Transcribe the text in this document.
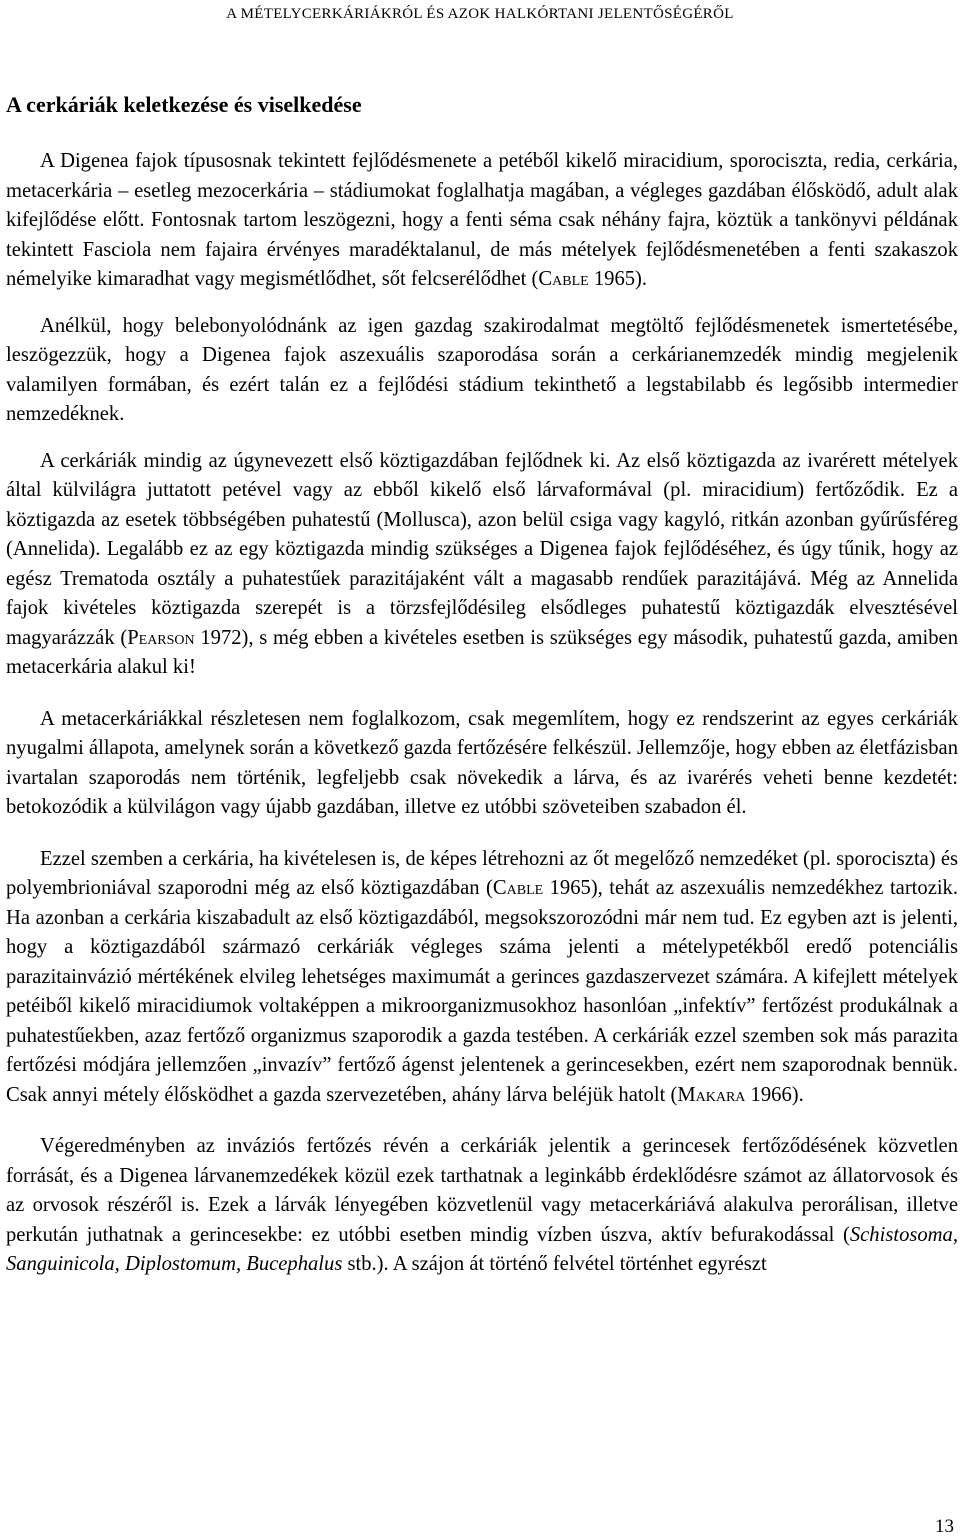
A MÉTELYCERKÁRIÁKRÓL ÉS AZOK HALKÓRTANI JELENTŐSÉGÉRŐL
A cerkáriák keletkezése és viselkedése

A Digenea fajok típusosnak tekintett fejlődésmenete a petéből kikelő miracidium, sporociszta, redia, cerkária, metacerkária – esetleg mezocerkária – stádiumokat foglalhatja magában, a végleges gazdában élősködő, adult alak kifejlődése előtt. Fontosnak tartom leszögezni, hogy a fenti séma csak néhány fajra, köztük a tankönyvi példának tekintett Fasciola nem fajaira érvényes maradéktalanul, de más mételyek fejlődésmenetében a fenti szakaszok némelyike kimaradhat vagy megismétlődhet, sőt felcserélődhet (Cable 1965).

Anélkül, hogy belebonyolódnánk az igen gazdag szakirodalmat megtöltő fejlődésmenetek ismertetésébe, leszögezzük, hogy a Digenea fajok aszexuális szaporodása során a cerkárianemzedék mindig megjelenik valamilyen formában, és ezért talán ez a fejlődési stádium tekinthető a legstabilabb és legősibb intermedier nemzedéknek.

A cerkáriák mindig az úgynevezett első köztigazdában fejlődnek ki. Az első köztigazda az ivarérett mételyek által külvilágra juttatott petével vagy az ebből kikelő első lárvaformával (pl. miracidium) fertőződik. Ez a köztigazda az esetek többségében puhatestű (Mollusca), azon belül csiga vagy kagyló, ritkán azonban gyűrűsféreg (Annelida). Legalább ez az egy köztigazda mindig szükséges a Digenea fajok fejlődéséhez, és úgy tűnik, hogy az egész Trematoda osztály a puhatestűek parazitájaként vált a magasabb rendűek parazitájává. Még az Annelida fajok kivételes köztigazda szerepét is a törzsfejlődésileg elsődleges puhatestű köztigazdák elvesztésével magyarázzák (Pearson 1972), s még ebben a kivételes esetben is szükséges egy második, puhatestű gazda, amiben metacerkária alakul ki!

A metacerkáriákkal részletesen nem foglalkozom, csak megemlítem, hogy ez rendszerint az egyes cerkáriák nyugalmi állapota, amelynek során a következő gazda fertőzésére felkészül. Jellemzője, hogy ebben az életfázisban ivartalan szaporodás nem történik, legfeljebb csak növekedik a lárva, és az ivarérés veheti benne kezdetét: betokozódik a külvilágon vagy újabb gazdában, illetve ez utóbbi szöveteiben szabadon él.

Ezzel szemben a cerkária, ha kivételesen is, de képes létrehozni az őt megelőző nemzedéket (pl. sporociszta) és polyembrioniával szaporodni még az első köztigazdában (Cable 1965), tehát az aszexuális nemzedékhez tartozik. Ha azonban a cerkária kiszabadult az első köztigazdából, megsokszorozódni már nem tud. Ez egyben azt is jelenti, hogy a köztigazdából származó cerkáriák végleges száma jelenti a mételypetékből eredő potenciális parazitainvázió mértékének elvileg lehetséges maximumát a gerinces gazdaszervezet számára. A kifejlett mételyek petéiből kikelő miracidiumok voltaképpen a mikroorganizmusokhoz hasonlóan „infektív” fertőzést produkálnak a puhatestűekben, azaz fertőző organizmus szaporodik a gazda testében. A cerkáriák ezzel szemben sok más parazita fertőzési módjára jellemzően „invazív” fertőző ágenst jelentenek a gerincesekben, ezért nem szaporodnak bennük. Csak annyi métely élősködhet a gazda szervezetében, ahány lárva beléjük hatolt (Makara 1966).

Végeredményben az inváziós fertőzés révén a cerkáriák jelentik a gerincesek fertőződésének közvetlen forrását, és a Digenea lárvanemzedékek közül ezek tarthatnak a leginkább érdeklődésre számot az állatorvosok és az orvosok részéről is. Ezek a lárvák lényegében közvetlenül vagy metacerkáriává alakulva perorálisan, illetve perkután juthatnak a gerincesekbe: ez utóbbi esetben mindig vízben úszva, aktív befurakodással (Schistosoma, Sanguinicola, Diplostomum, Bucephalus stb.). A szájon át történő felvétel történhet egyrészt

13
